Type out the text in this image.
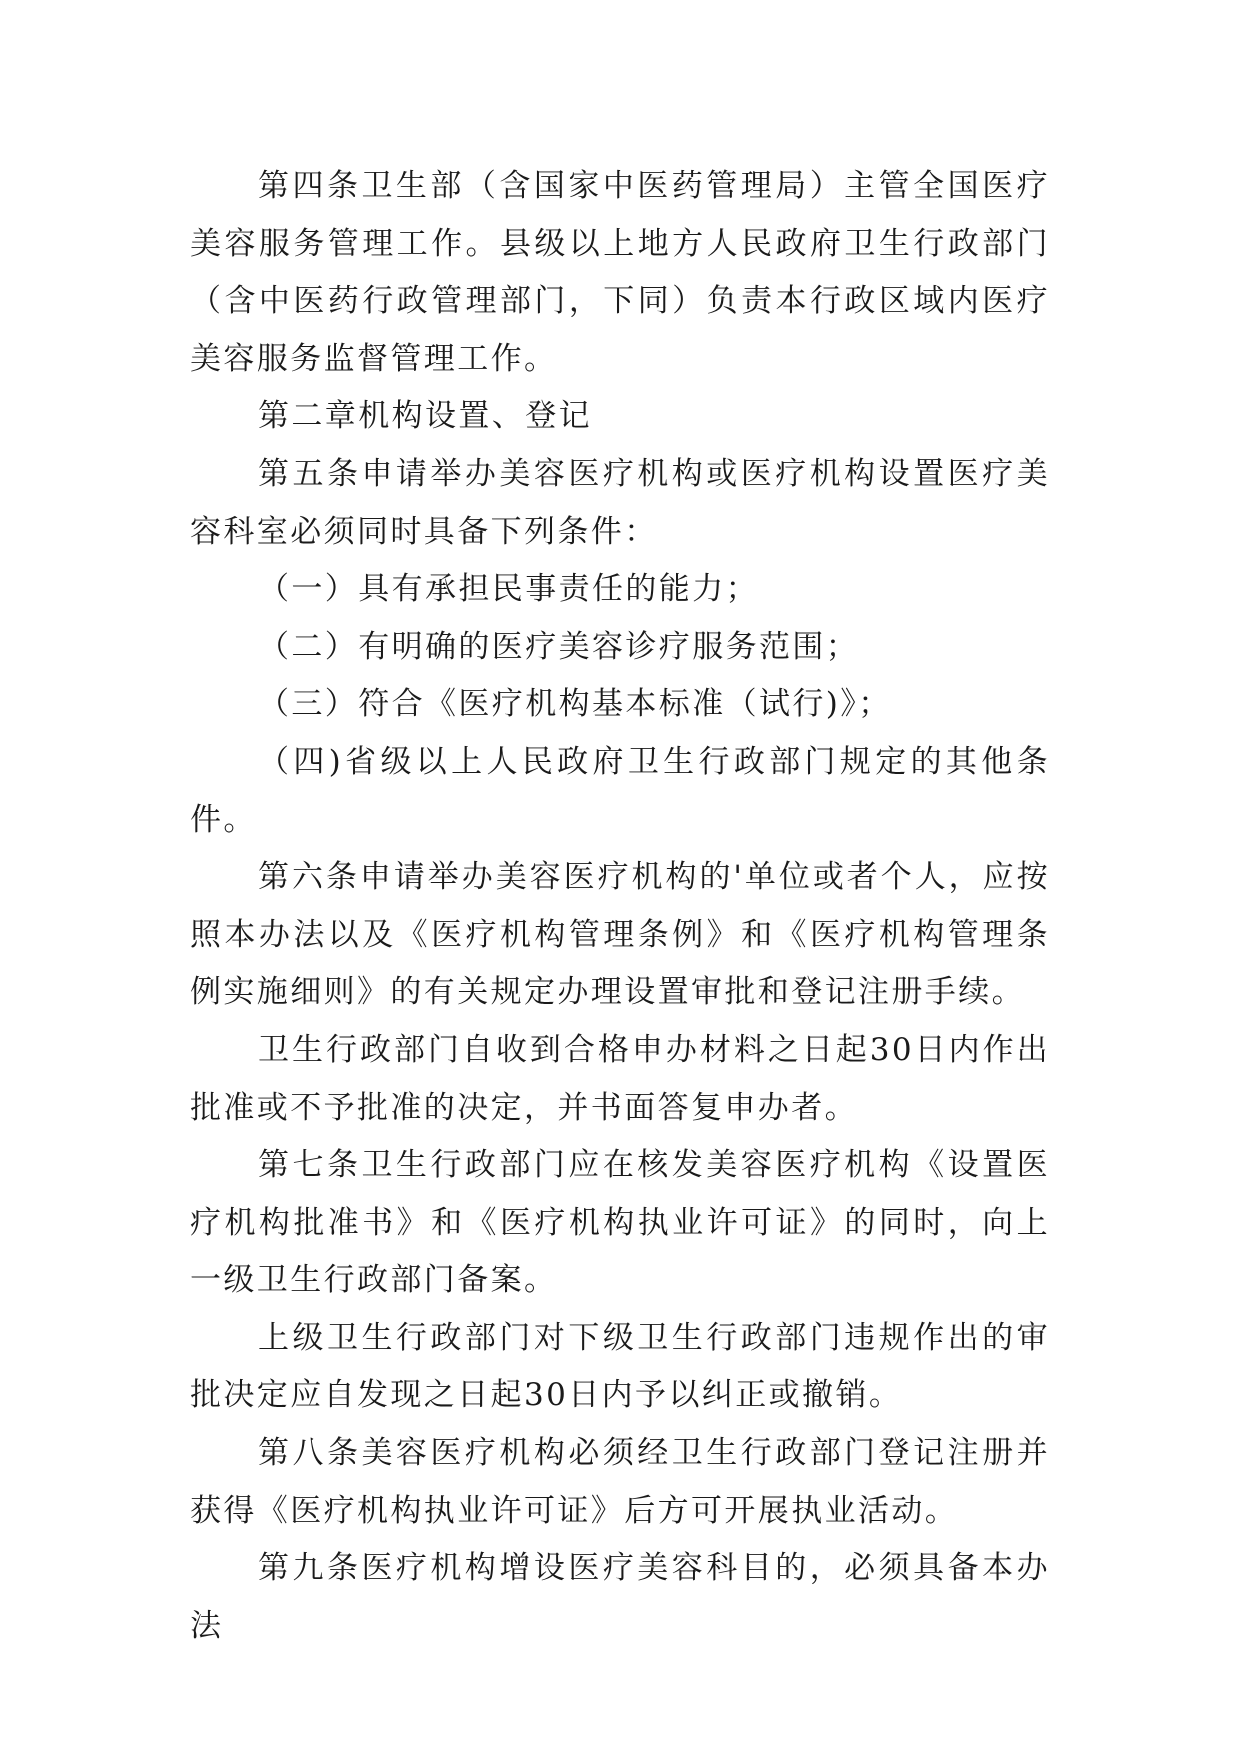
第四条卫生部（含国家中医药管理局）主管全国医疗美容服务管理工作。县级以上地方人民政府卫生行政部门（含中医药行政管理部门，下同）负责本行政区域内医疗美容服务监督管理工作。

第二章机构设置、登记

第五条申请举办美容医疗机构或医疗机构设置医疗美容科室必须同时具备下列条件：

（一）具有承担民事责任的能力；

（二）有明确的医疗美容诊疗服务范围；

（三）符合《医疗机构基本标准（试行)》；

（四)省级以上人民政府卫生行政部门规定的其他条件。

第六条申请举办美容医疗机构的'单位或者个人，应按照本办法以及《医疗机构管理条例》和《医疗机构管理条例实施细则》的有关规定办理设置审批和登记注册手续。

卫生行政部门自收到合格申办材料之日起30日内作出批准或不予批准的决定，并书面答复申办者。

第七条卫生行政部门应在核发美容医疗机构《设置医疗机构批准书》和《医疗机构执业许可证》的同时，向上一级卫生行政部门备案。

上级卫生行政部门对下级卫生行政部门违规作出的审批决定应自发现之日起30日内予以纠正或撤销。

第八条美容医疗机构必须经卫生行政部门登记注册并获得《医疗机构执业许可证》后方可开展执业活动。

第九条医疗机构增设医疗美容科目的，必须具备本办法
